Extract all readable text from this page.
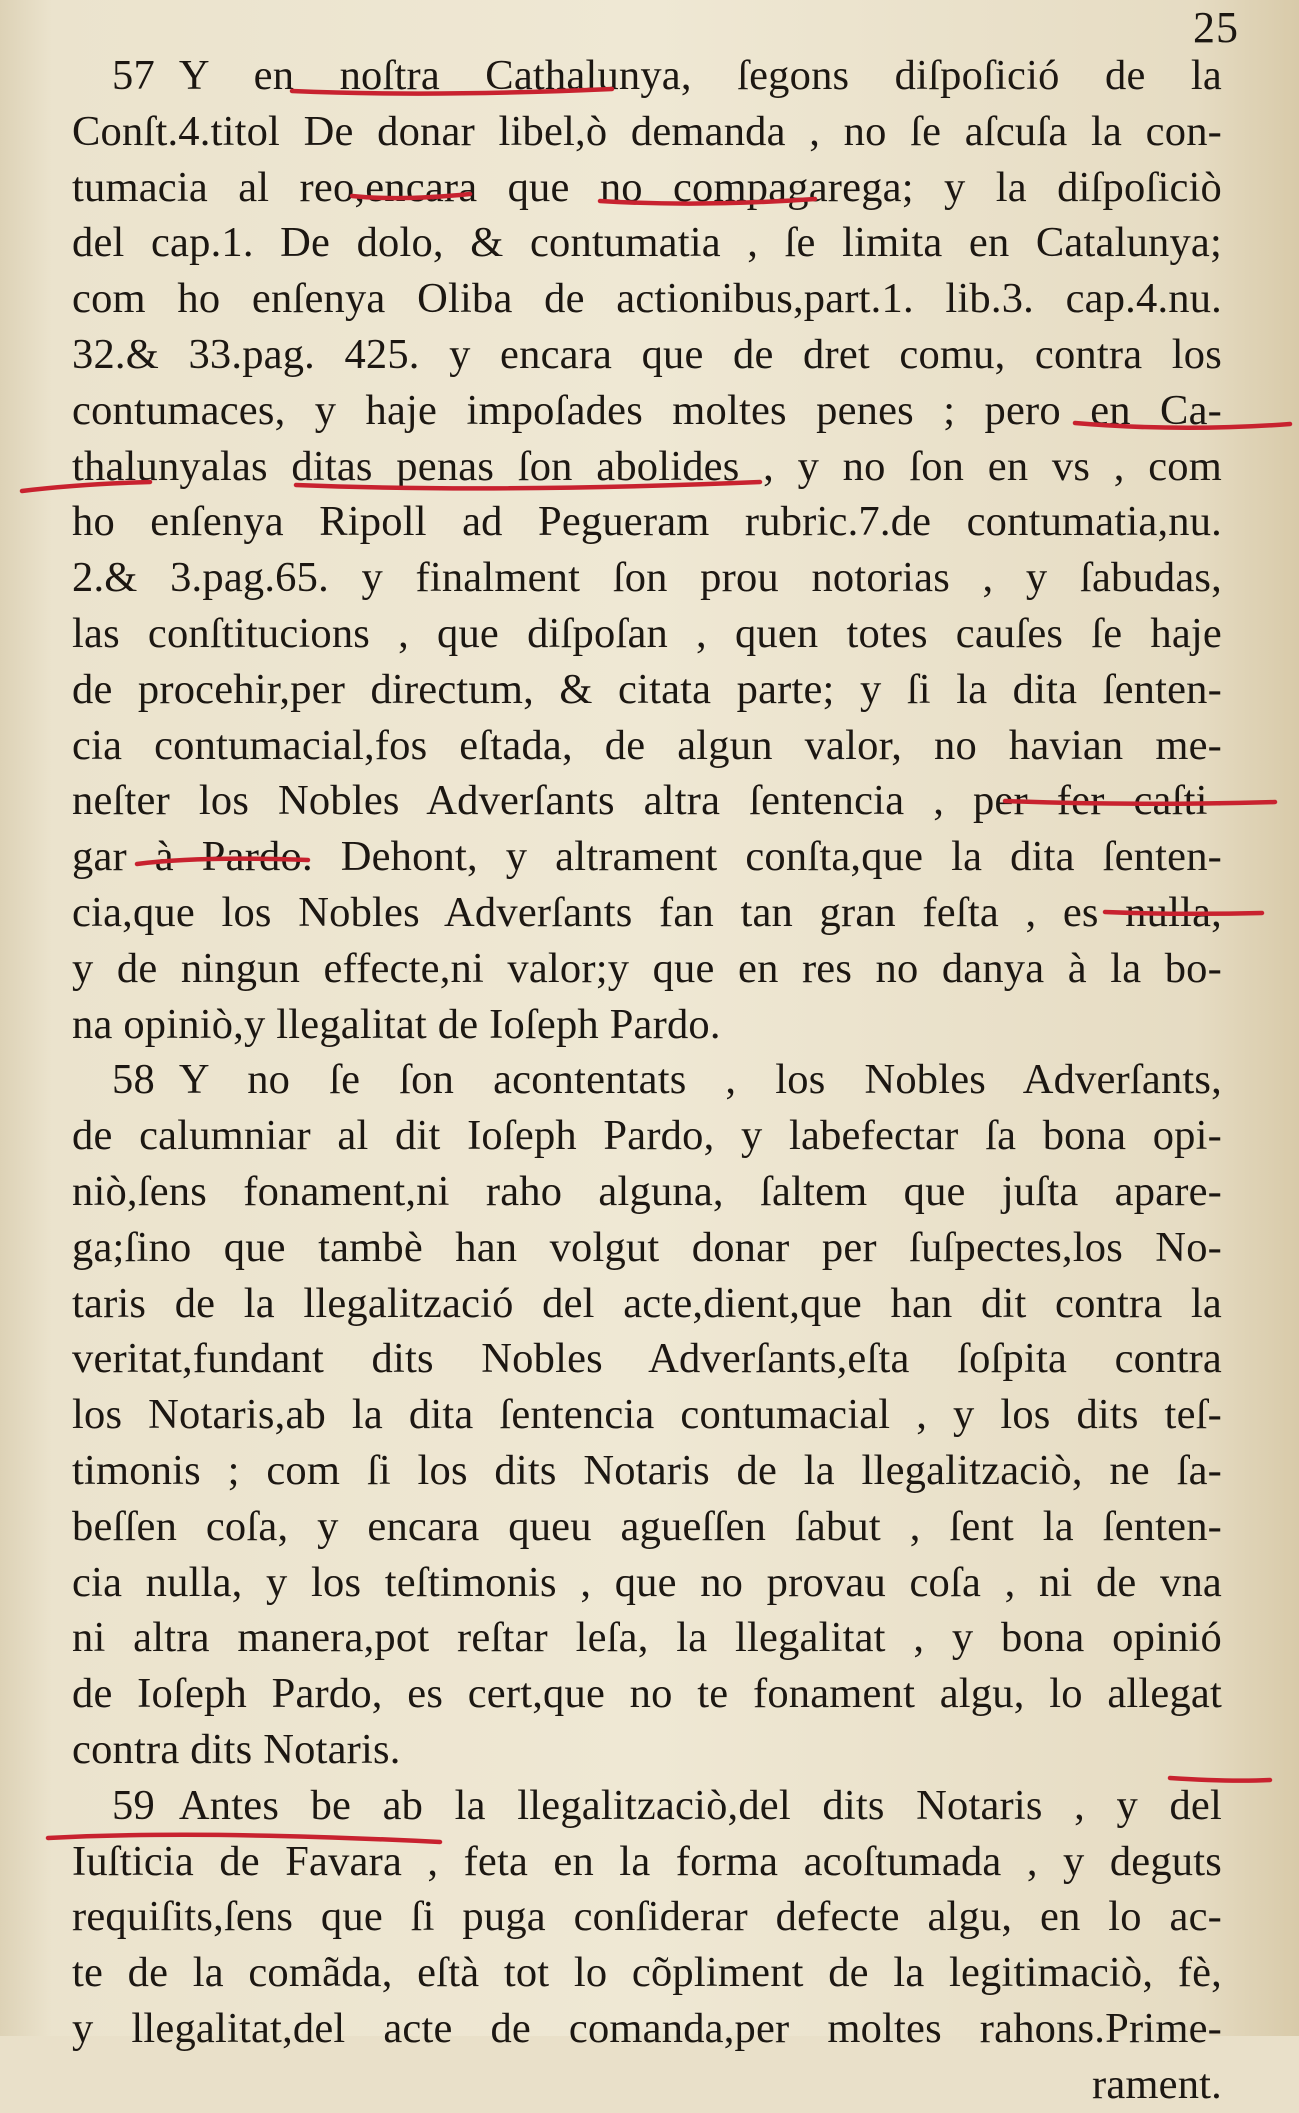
25
57 Y en noſtra Cathalunya, ſegons diſpoſició de la
Conſt.4.titol De donar libel,ò demanda , no ſe aſcuſa la con-
tumacia al reo,encara que no compagarega; y la diſpoſiciò
del cap.1. De dolo, & contumatia , ſe limita en Catalunya;
com ho enſenya Oliba de actionibus,part.1. lib.3. cap.4.nu.
32.& 33.pag. 425. y encara que de dret comu, contra los
contumaces, y haje impoſades moltes penes ; pero en Ca-
thalunyalas ditas penas ſon abolides , y no ſon en vs , com
ho enſenya Ripoll ad Pegueram rubric.7.de contumatia,nu.
2.& 3.pag.65. y finalment ſon prou notorias , y ſabudas,
las conſtitucions , que diſpoſan , quen totes cauſes ſe haje
de procehir,per directum, & citata parte; y ſi la dita ſenten-
cia contumacial,fos eſtada, de algun valor, no havian me-
neſter los Nobles Adverſants altra ſentencia , per fer caſti-
gar à Pardo. Dehont, y altrament conſta,que la dita ſenten-
cia,que los Nobles Adverſants fan tan gran feſta , es nulla,
y de ningun effecte,ni valor;y que en res no danya à la bo-
na opiniò,y llegalitat de Ioſeph Pardo.
58 Y no ſe ſon acontentats , los Nobles Adverſants,
de calumniar al dit Ioſeph Pardo, y labefectar ſa bona opi-
niò,ſens fonament,ni raho alguna, ſaltem que juſta apare-
ga;ſino que tambè han volgut donar per ſuſpectes,los No-
taris de la llegalització del acte,dient,que han dit contra la
veritat,fundant dits Nobles Adverſants,eſta ſoſpita contra
los Notaris,ab la dita ſentencia contumacial , y los dits teſ-
timonis ; com ſi los dits Notaris de la llegalitzaciò, ne ſa-
beſſen coſa, y encara queu agueſſen ſabut , ſent la ſenten-
cia nulla, y los teſtimonis , que no provau coſa , ni de vna
ni altra manera,pot reſtar leſa, la llegalitat , y bona opinió
de Ioſeph Pardo, es cert,que no te fonament algu, lo allegat
contra dits Notaris.
59 Antes be ab la llegalitzaciò,del dits Notaris , y del
Iuſticia de Favara , feta en la forma acoſtumada , y deguts
requiſits,ſens que ſi puga conſiderar defecte algu, en lo ac-
te de la comãda, eſtà tot lo cõpliment de la legitimaciò, fè,
y llegalitat,del acte de comanda,per moltes rahons.Prime-
rament.
